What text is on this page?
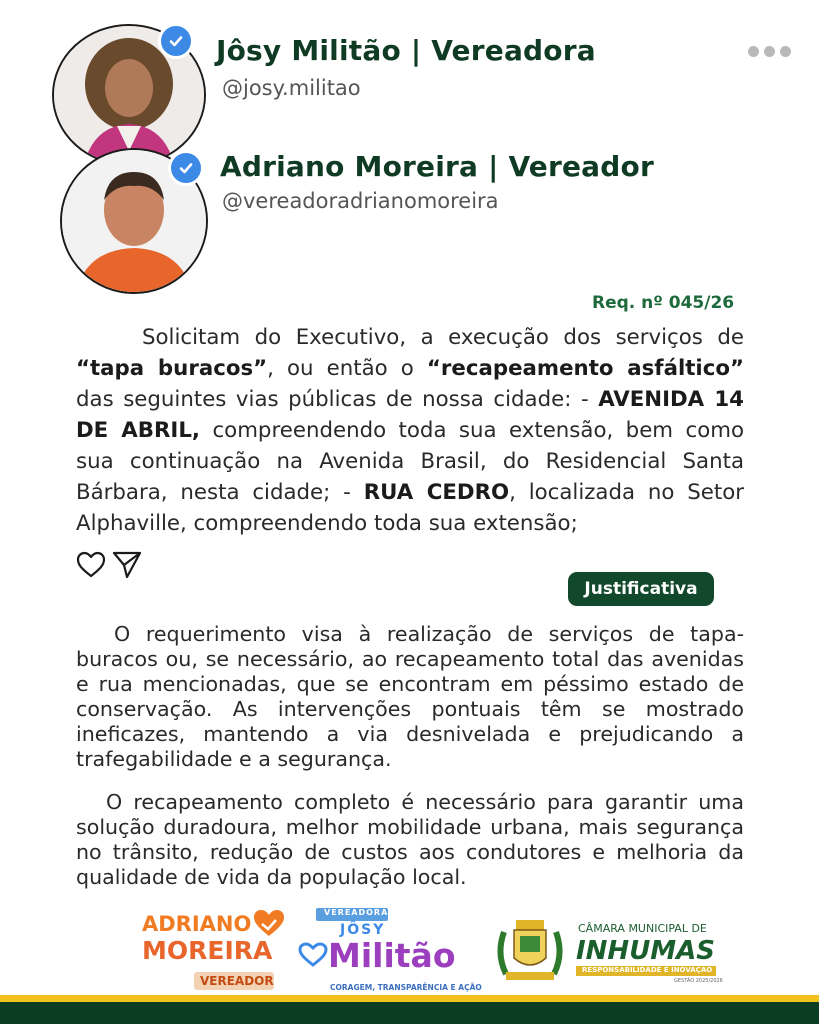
Jôsy Militão | Vereadora
@josy.militao
Adriano Moreira | Vereador
@vereadoradrianomoreira
Req. nº 045/26
Solicitam do Executivo, a execução dos serviços de “tapa buracos”, ou então o “recapeamento asfáltico” das seguintes vias públicas de nossa cidade: - AVENIDA 14 DE ABRIL, compreendendo toda sua extensão, bem como sua continuação na Avenida Brasil, do Residencial Santa Bárbara, nesta cidade; - RUA CEDRO, localizada no Setor Alphaville, compreendendo toda sua extensão;
Justificativa
O requerimento visa à realização de serviços de tapa-buracos ou, se necessário, ao recapeamento total das avenidas e rua mencionadas, que se encontram em péssimo estado de conservação. As intervenções pontuais têm se mostrado ineficazes, mantendo a via desnivelada e prejudicando a trafegabilidade e a segurança.
O recapeamento completo é necessário para garantir uma solução duradoura, melhor mobilidade urbana, mais segurança no trânsito, redução de custos aos condutores e melhoria da qualidade de vida da população local.
ADRIANO
MOREIRA
VEREADOR
VEREADORA
JÔSY
Militão
CORAGEM, TRANSPARÊNCIA E AÇÃO
CÂMARA MUNICIPAL DE
INHUMAS
RESPONSABILIDADE E INOVAÇÃO
GESTÃO 2025/2026
